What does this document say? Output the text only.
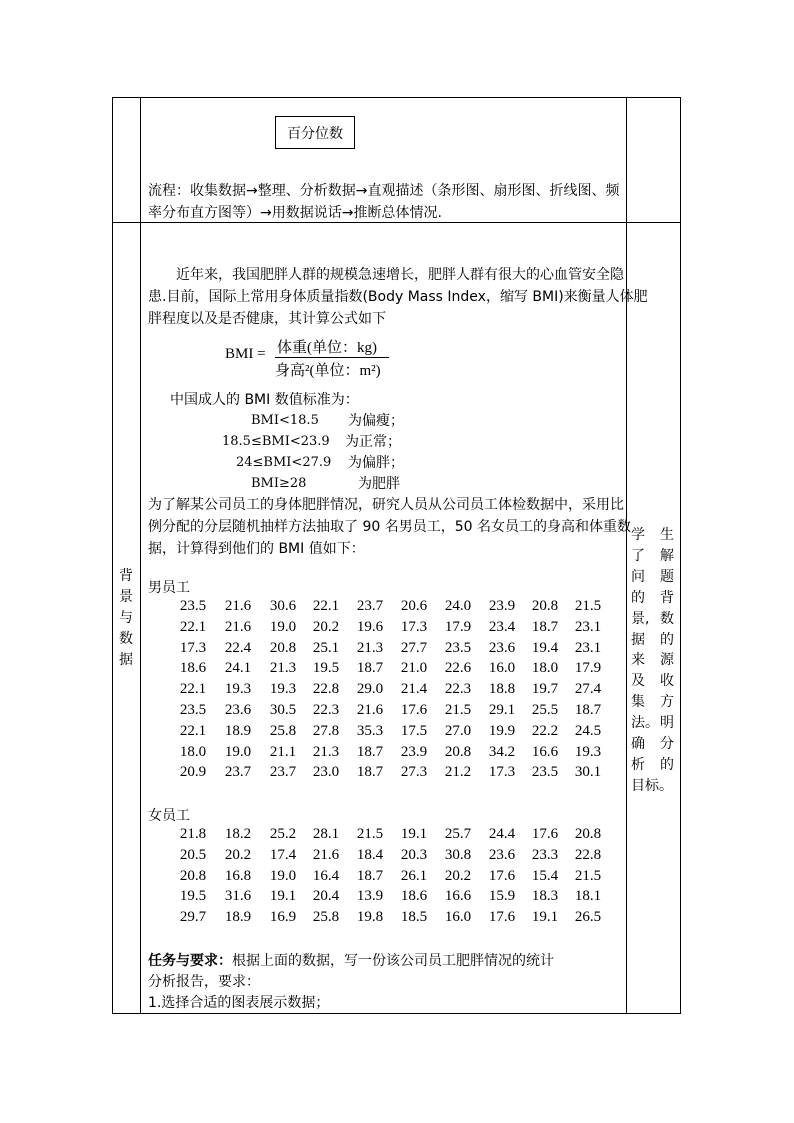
百分位数
流程：收集数据→整理、分析数据→直观描述（条形图、扇形图、折线图、频
率分布直方图等）→用数据说话→推断总体情况.
背
景
与
数
据
近年来，我国肥胖人群的规模急速增长，肥胖人群有很大的心血管安全隐
患.目前，国际上常用身体质量指数(Body Mass Index，缩写 BMI)来衡量人体肥
胖程度以及是否健康，其计算公式如下
BMI = 体重(单位：kg)
身高²(单位：m²)
中国成人的 BMI 数值标准为：
BMI<18.5 为偏瘦；
18.5≤BMI<23.9 为正常；
24≤BMI<27.9 为偏胖；
BMI≥28	为肥胖
为了解某公司员工的身体肥胖情况，研究人员从公司员工体检数据中，采用比
例分配的分层随机抽样方法抽取了 90 名男员工，50 名女员工的身高和体重数
据，计算得到他们的 BMI 值如下：
男员工
23.5	21.6	30.6	22.1	23.7	20.6	24.0	23.9	20.8	21.5
22.1	21.6	19.0	20.2	19.6	17.3	17.9	23.4	18.7	23.1
17.3	22.4	20.8	25.1	21.3	27.7	23.5	23.6	19.4	23.1
18.6	24.1	21.3	19.5	18.7	21.0	22.6	16.0	18.0	17.9
22.1	19.3	19.3	22.8	29.0	21.4	22.3	18.8	19.7	27.4
23.5	23.6	30.5	22.3	21.6	17.6	21.5	29.1	25.5	18.7
22.1	18.9	25.8	27.8	35.3	17.5	27.0	19.9	22.2	24.5
18.0	19.0	21.1	21.3	18.7	23.9	20.8	34.2	16.6	19.3
20.9	23.7	23.7	23.0	18.7	27.3	21.2	17.3	23.5	30.1
女员工
21.8	18.2	25.2	28.1	21.5	19.1	25.7	24.4	17.6	20.8
20.5	20.2	17.4	21.6	18.4	20.3	30.8	23.6	23.3	22.8
20.8	16.8	19.0	16.4	18.7	26.1	20.2	17.6	15.4	21.5
19.5	31.6	19.1	20.4	13.9	18.6	16.6	15.9	18.3	18.1
29.7	18.9	16.9	25.8	19.8	18.5	16.0	17.6	19.1	26.5
任务与要求：根据上面的数据，写一份该公司员工肥胖情况的统计
分析报告，要求：
1.选择合适的图表展示数据；
学 生
了 解
问 题
的 背
景, 数
据 的
来 源
及 收
集 方
法。 明
确 分
析 的
目标。
